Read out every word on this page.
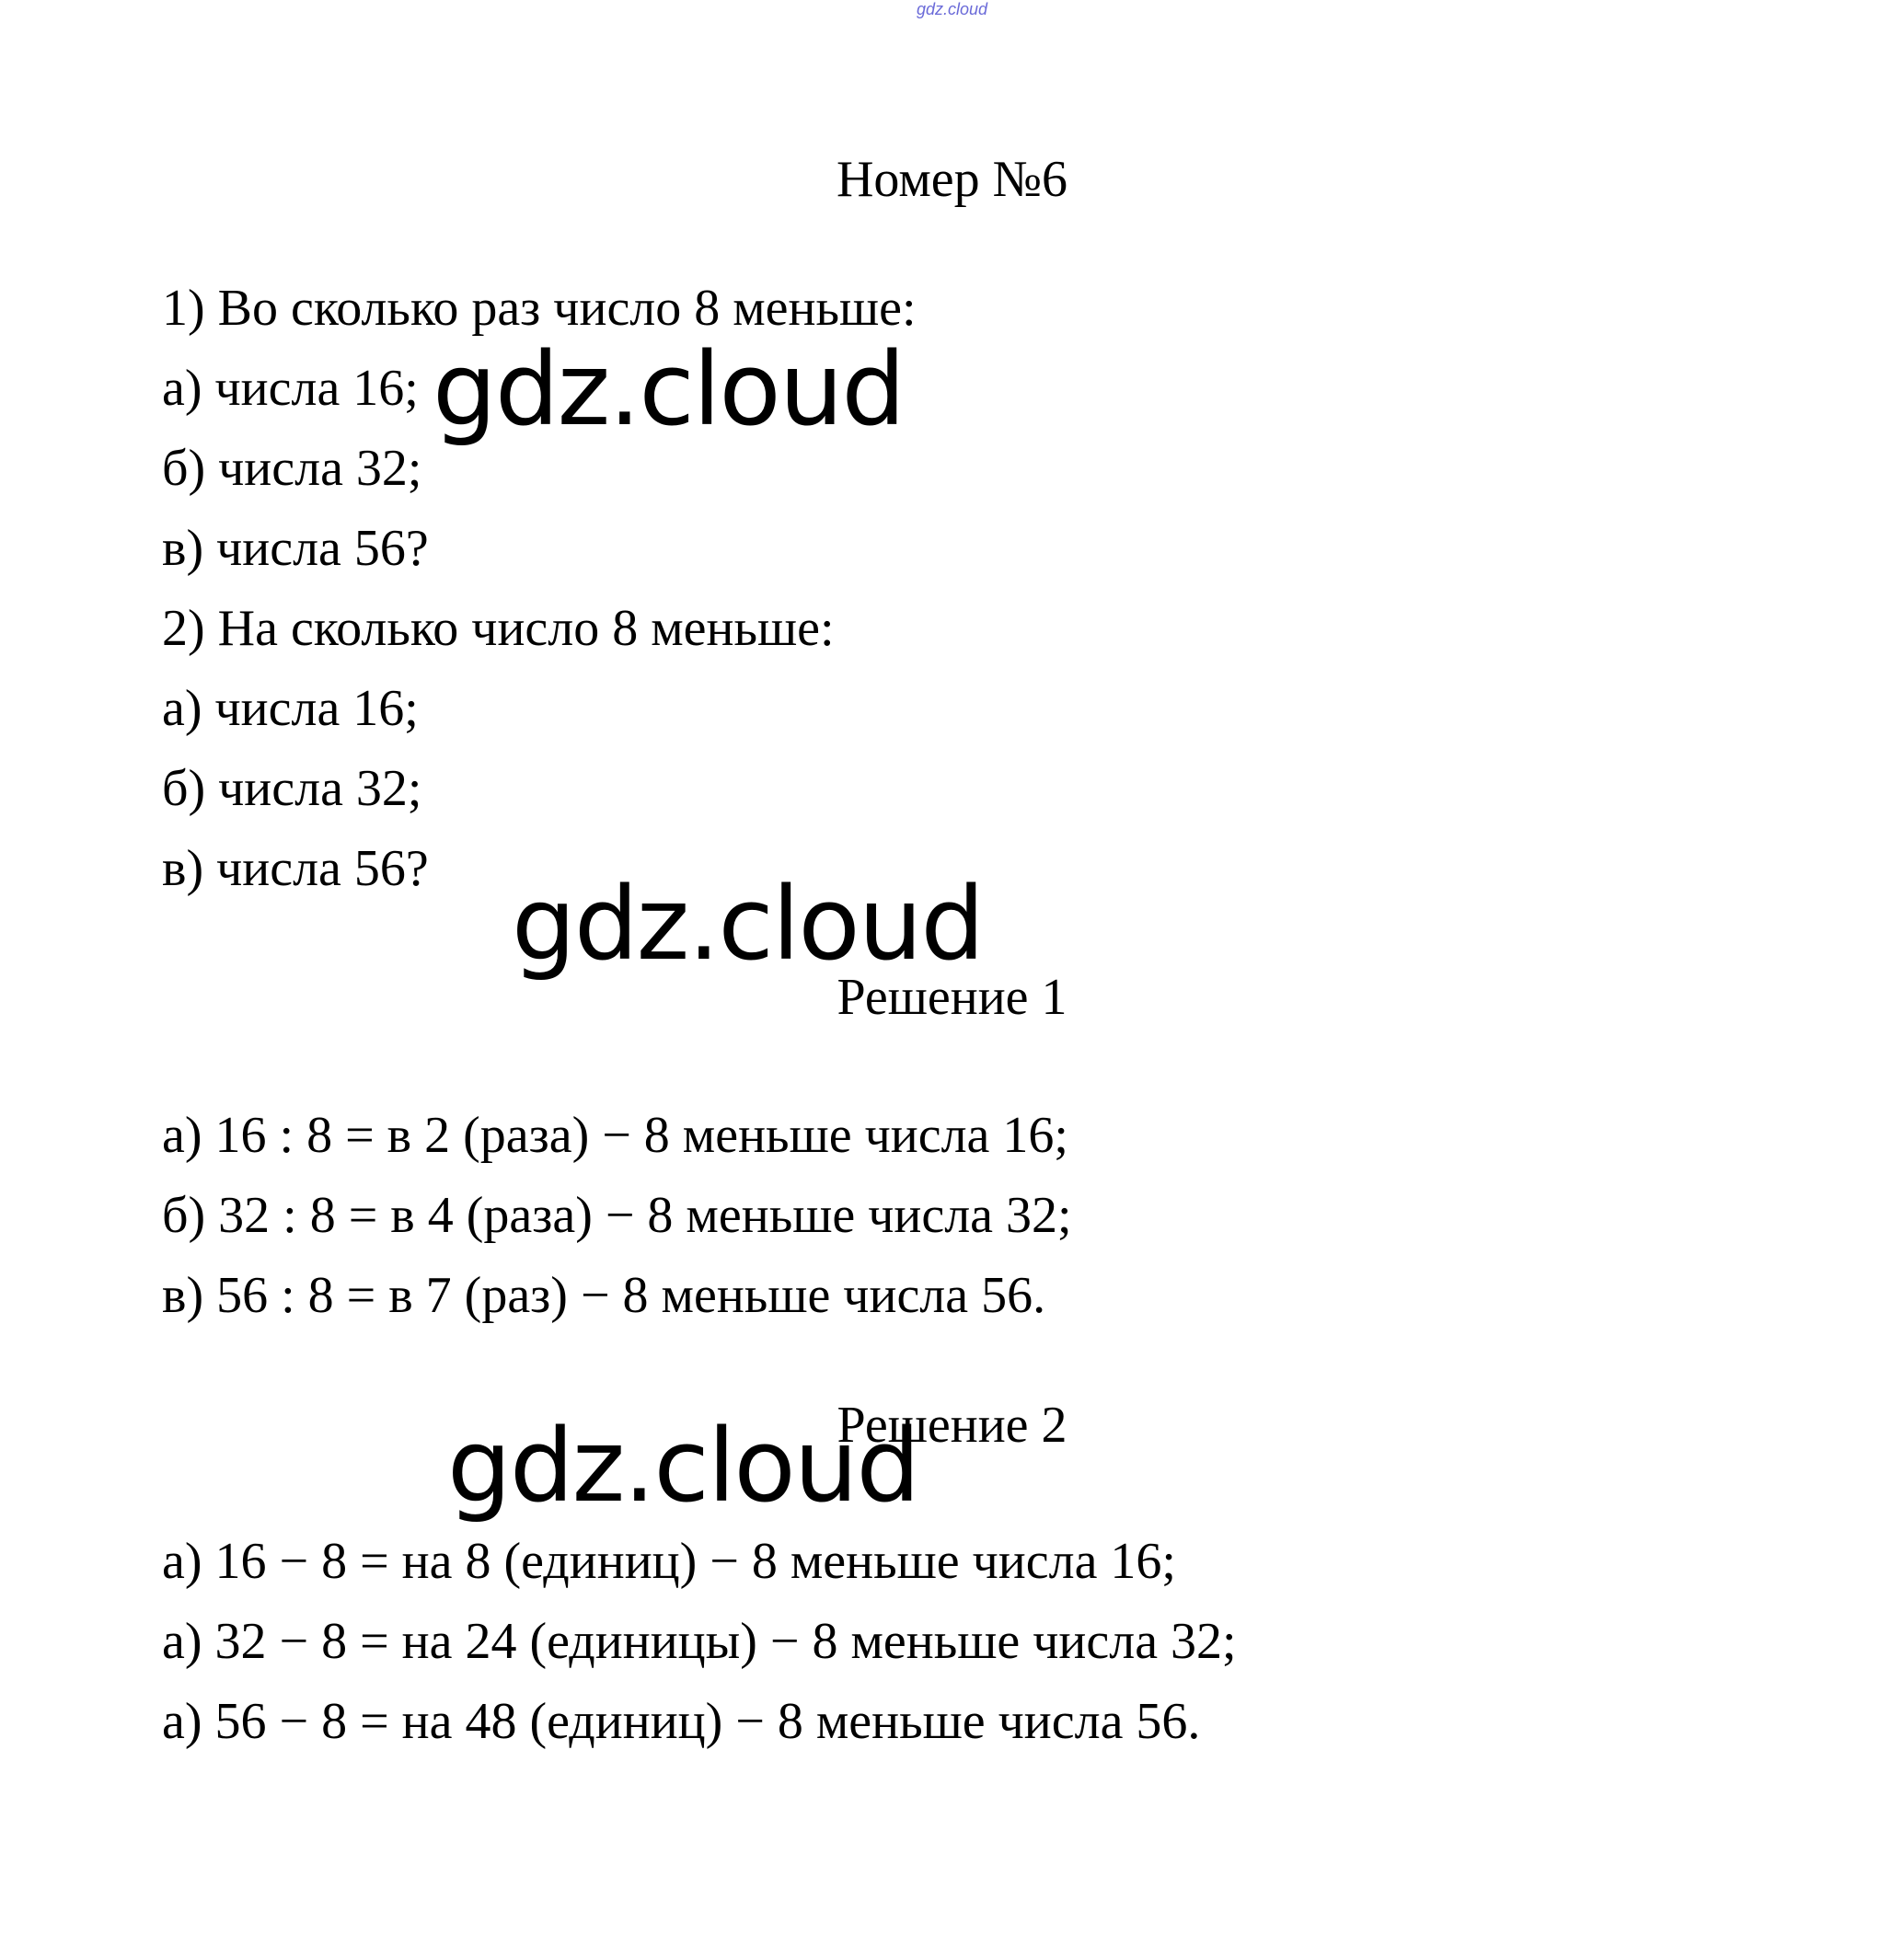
gdz.cloud
Номер №6
1) Во сколько раз число 8 меньше:
а) числа 16;
б) числа 32;
в) числа 56?
2) На сколько число 8 меньше:
а) числа 16;
б) числа 32;
в) числа 56?
Решение 1
а) 16 : 8 = в 2 (раза) − 8 меньше числа 16;
б) 32 : 8 = в 4 (раза) − 8 меньше числа 32;
в) 56 : 8 = в 7 (раз) − 8 меньше числа 56.
Решение 2
а) 16 − 8 = на 8 (единиц) − 8 меньше числа 16;
а) 32 − 8 = на 24 (единицы) − 8 меньше числа 32;
а) 56 − 8 = на 48 (единиц) − 8 меньше числа 56.
gdz.cloud
gdz.cloud
gdz.cloud
